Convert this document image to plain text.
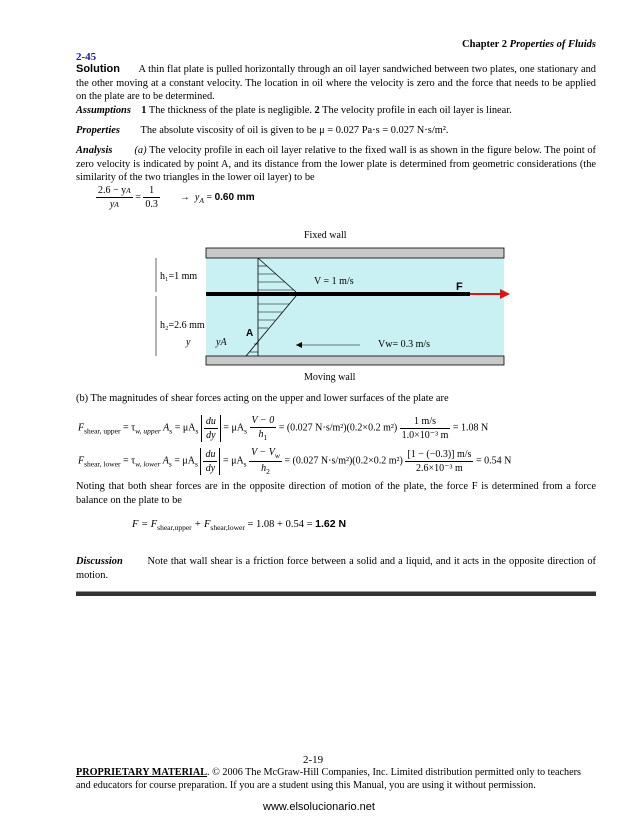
Chapter 2 Properties of Fluids
2-45
Solution A thin flat plate is pulled horizontally through an oil layer sandwiched between two plates, one stationary and the other moving at a constant velocity. The location in oil where the velocity is zero and the force that needs to be applied on the plate are to be determined.
Assumptions 1 The thickness of the plate is negligible. 2 The velocity profile in each oil layer is linear.
Properties The absolute viscosity of oil is given to be μ = 0.027 Pa⋅s = 0.027 N⋅s/m².
Analysis (a) The velocity profile in each oil layer relative to the fixed wall is as shown in the figure below. The point of zero velocity is indicated by point A, and its distance from the lower plate is determined from geometric considerations (the similarity of the two triangles in the lower oil layer) to be
$\frac{2.6 - yA}{yA} = \frac{1}{0.3} \to y_A = 0.60$ mm
Fixed wall
F
A
h₁=1 mm
h₂=2.6 mm
y	yA
V = 1 m/s
Vw= 0.3 m/s
Moving wall
(b) The magnitudes of shear forces acting on the upper and lower surfaces of the plate are
$F_{shear, upper} = \tau_{w, upper}$ $A_s = \mu A_s \frac{du}{dy} = \mu A_s \frac{V - 0}{h_1} = (0.027$ N⋅s/m²)(0.2×0.2 $m^2) \frac{1 m/s}{\text{1.0×10⁻³ m}} = 1.08$ N
$F_{shear, lower} = \tau_{w, lower}$ $A_s = \mu A_s \frac{du}{dy} = \mu A_s \frac{V - V_w}{h_2} = (0.027$ N⋅s/m²)(0.2×0.2 $m^2) \frac{[1 - (-0.3)] m/s}{\text{2.6×10⁻³ m}} = 0.54$ N
Noting that both shear forces are in the opposite direction of motion of the plate, the force F is determined from a force balance on the plate to be
$F = F_{shear,upper} + F_{shear,lower} = 1.08 + 0.54 = 1.62$ N
Discussion Note that wall shear is a friction force between a solid and a liquid, and it acts in the opposite direction of motion.
2-19
PROPRIETARY MATERIAL. © 2006 The McGraw-Hill Companies, Inc. Limited distribution permitted only to teachers and educators for course preparation. If you are a student using this Manual, you are using it without permission.
www.elsolucionario.net
